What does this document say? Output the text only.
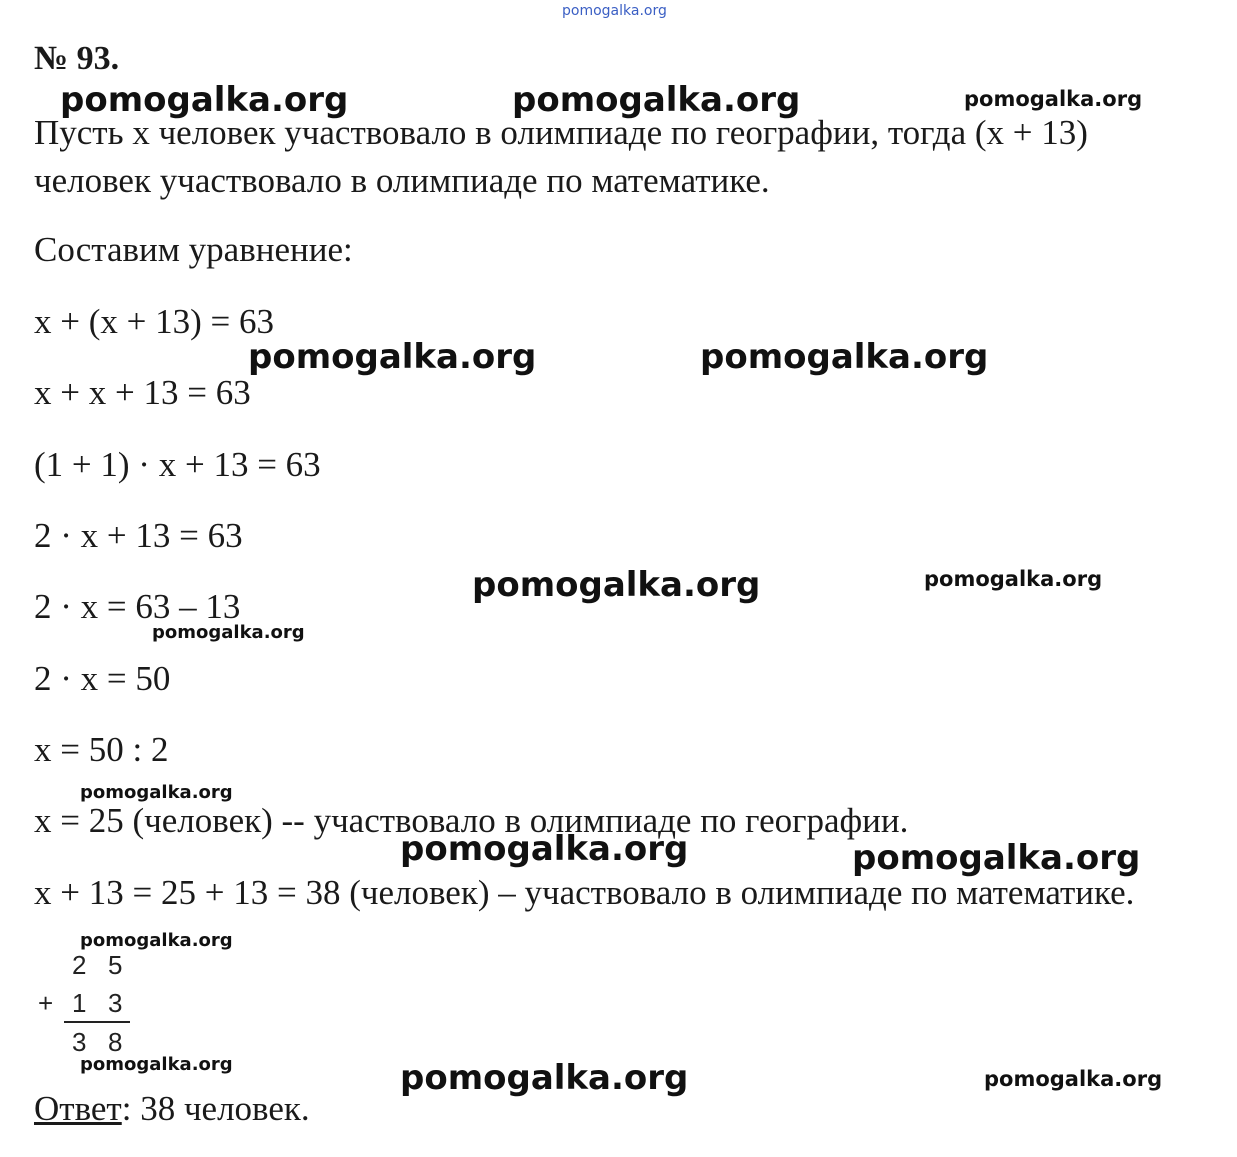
pomogalka.org
№ 93.
Пусть x человек участвовало в олимпиаде по географии, тогда (x + 13)
человек участвовало в олимпиаде по математике.
Составим уравнение:
x + (x + 13) = 63
x + x + 13 = 63
(1 + 1) · x + 13 = 63
2 · x + 13 = 63
2 · x = 63 – 13
2 · x = 50
x = 50 : 2
x = 25 (человек) -- участвовало в олимпиаде по географии.
x + 13 = 25 + 13 = 38 (человек) – участвовало в олимпиаде по математике.
2 5
+ 1 3
3 8
Ответ: 38 человек.
pomogalka.org	pomogalka.org	pomogalka.org
pomogalka.org	pomogalka.org
pomogalka.org	pomogalka.org
pomogalka.org
pomogalka.org
pomogalka.org	pomogalka.org
pomogalka.org
pomogalka.org	pomogalka.org	pomogalka.org
